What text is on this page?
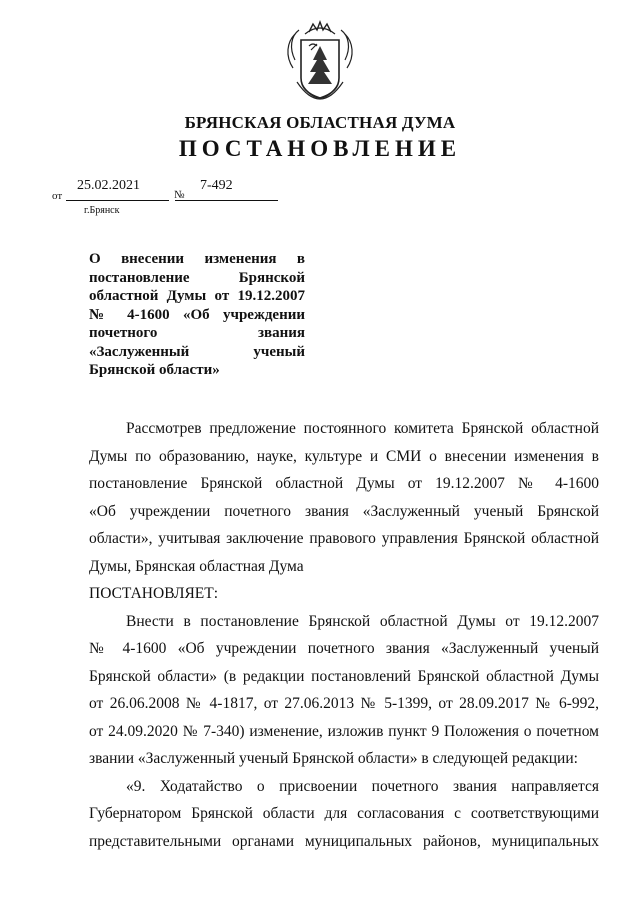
БРЯНСКАЯ ОБЛАСТНАЯ ДУМА
ПОСТАНОВЛЕНИЕ
от
25.02.2021
№
7-492
г.Брянск
О внесении изменения в
постановление Брянской
областной Думы от 19.12.2007
№ 4-1600 «Об учреждении
почетного звания
«Заслуженный ученый
Брянской области»
Рассмотрев предложение постоянного комитета Брянской областной
Думы по образованию, науке, культуре и СМИ о внесении изменения в
постановление Брянской областной Думы от 19.12.2007 № 4-1600
«Об учреждении почетного звания «Заслуженный ученый Брянской
области», учитывая заключение правового управления Брянской областной
Думы, Брянская областная Дума
ПОСТАНОВЛЯЕТ:
Внести в постановление Брянской областной Думы от 19.12.2007
№ 4-1600 «Об учреждении почетного звания «Заслуженный ученый
Брянской области» (в редакции постановлений Брянской областной Думы
от 26.06.2008 № 4-1817, от 27.06.2013 № 5-1399, от 28.09.2017 № 6-992,
от 24.09.2020 № 7-340) изменение, изложив пункт 9 Положения о почетном
звании «Заслуженный ученый Брянской области» в следующей редакции:
«9. Ходатайство о присвоении почетного звания направляется
Губернатором Брянской области для согласования с соответствующими
представительными органами муниципальных районов, муниципальных
